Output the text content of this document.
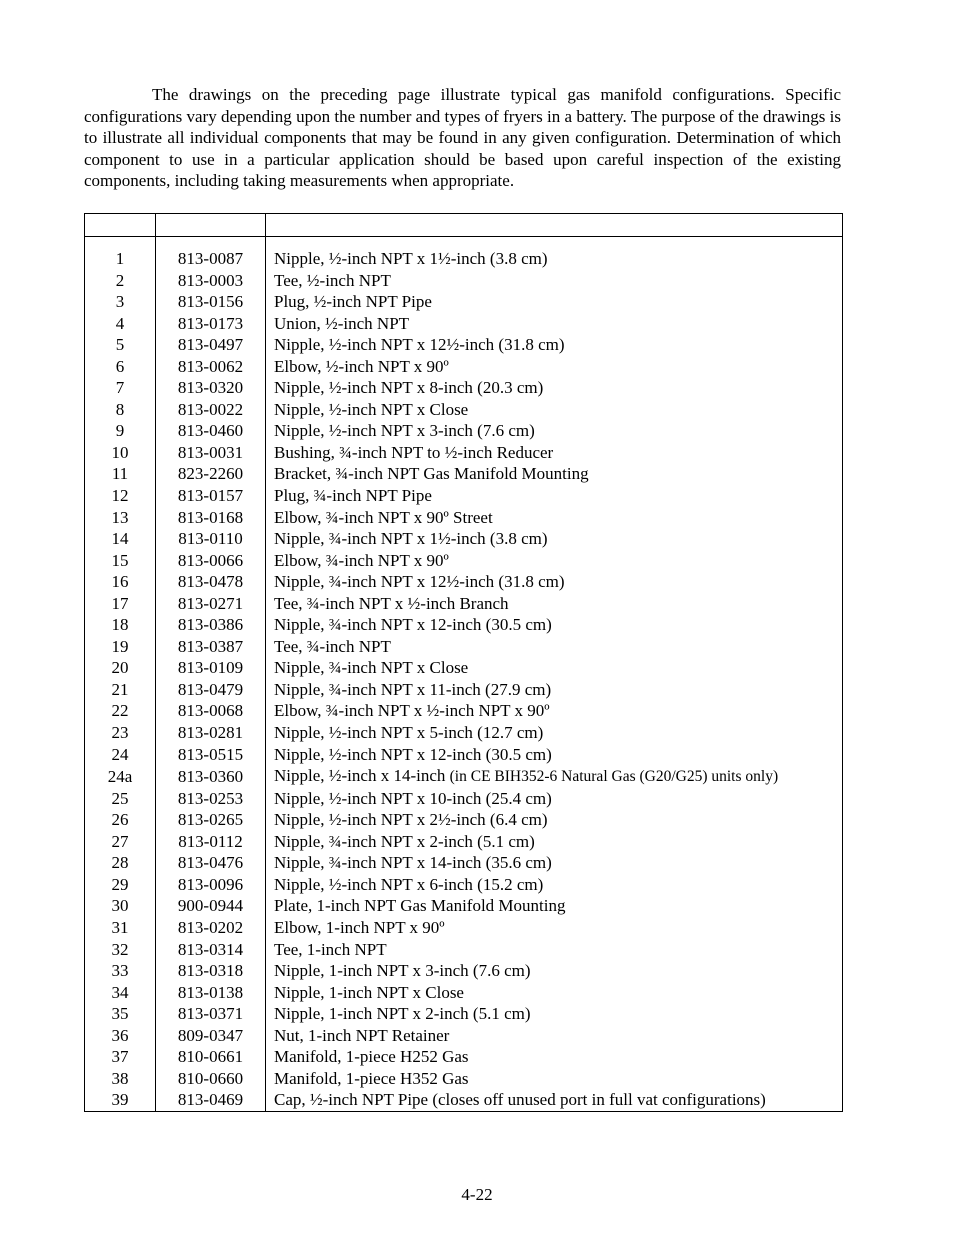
The drawings on the preceding page illustrate typical gas manifold configurations. Specific configurations vary depending upon the number and types of fryers in a battery. The purpose of the drawings is to illustrate all individual components that may be found in any given configuration. Determination of which component to use in a particular application should be based upon careful inspection of the existing components, including taking measurements when appropriate.

1	813-0087	Nipple, ½-inch NPT x 1½-inch (3.8 cm)
2	813-0003	Tee, ½-inch NPT
3	813-0156	Plug, ½-inch NPT Pipe
4	813-0173	Union, ½-inch NPT
5	813-0497	Nipple, ½-inch NPT x 12½-inch (31.8 cm)
6	813-0062	Elbow, ½-inch NPT x 90º
7	813-0320	Nipple, ½-inch NPT x 8-inch (20.3 cm)
8	813-0022	Nipple, ½-inch NPT x Close
9	813-0460	Nipple, ½-inch NPT x 3-inch (7.6 cm)
10	813-0031	Bushing, ¾-inch NPT to ½-inch Reducer
11	823-2260	Bracket, ¾-inch NPT Gas Manifold Mounting
12	813-0157	Plug, ¾-inch NPT Pipe
13	813-0168	Elbow, ¾-inch NPT x 90º Street
14	813-0110	Nipple, ¾-inch NPT x 1½-inch (3.8 cm)
15	813-0066	Elbow, ¾-inch NPT x 90º
16	813-0478	Nipple, ¾-inch NPT x 12½-inch (31.8 cm)
17	813-0271	Tee, ¾-inch NPT x ½-inch Branch
18	813-0386	Nipple, ¾-inch NPT x 12-inch (30.5 cm)
19	813-0387	Tee, ¾-inch NPT
20	813-0109	Nipple, ¾-inch NPT x Close
21	813-0479	Nipple, ¾-inch NPT x 11-inch (27.9 cm)
22	813-0068	Elbow, ¾-inch NPT x ½-inch NPT x 90º
23	813-0281	Nipple, ½-inch NPT x 5-inch (12.7 cm)
24	813-0515	Nipple, ½-inch NPT x 12-inch (30.5 cm)
24a	813-0360	Nipple, ½-inch x 14-inch (in CE BIH352-6 Natural Gas (G20/G25) units only)
25	813-0253	Nipple, ½-inch NPT x 10-inch (25.4 cm)
26	813-0265	Nipple, ½-inch NPT x 2½-inch (6.4 cm)
27	813-0112	Nipple, ¾-inch NPT x 2-inch (5.1 cm)
28	813-0476	Nipple, ¾-inch NPT x 14-inch (35.6 cm)
29	813-0096	Nipple, ½-inch NPT x 6-inch (15.2 cm)
30	900-0944	Plate, 1-inch NPT Gas Manifold Mounting
31	813-0202	Elbow, 1-inch NPT x 90º
32	813-0314	Tee, 1-inch NPT
33	813-0318	Nipple, 1-inch NPT x 3-inch (7.6 cm)
34	813-0138	Nipple, 1-inch NPT x Close
35	813-0371	Nipple, 1-inch NPT x 2-inch (5.1 cm)
36	809-0347	Nut, 1-inch NPT Retainer
37	810-0661	Manifold, 1-piece H252 Gas
38	810-0660	Manifold, 1-piece H352 Gas
39	813-0469	Cap, ½-inch NPT Pipe (closes off unused port in full vat configurations)
4-22
